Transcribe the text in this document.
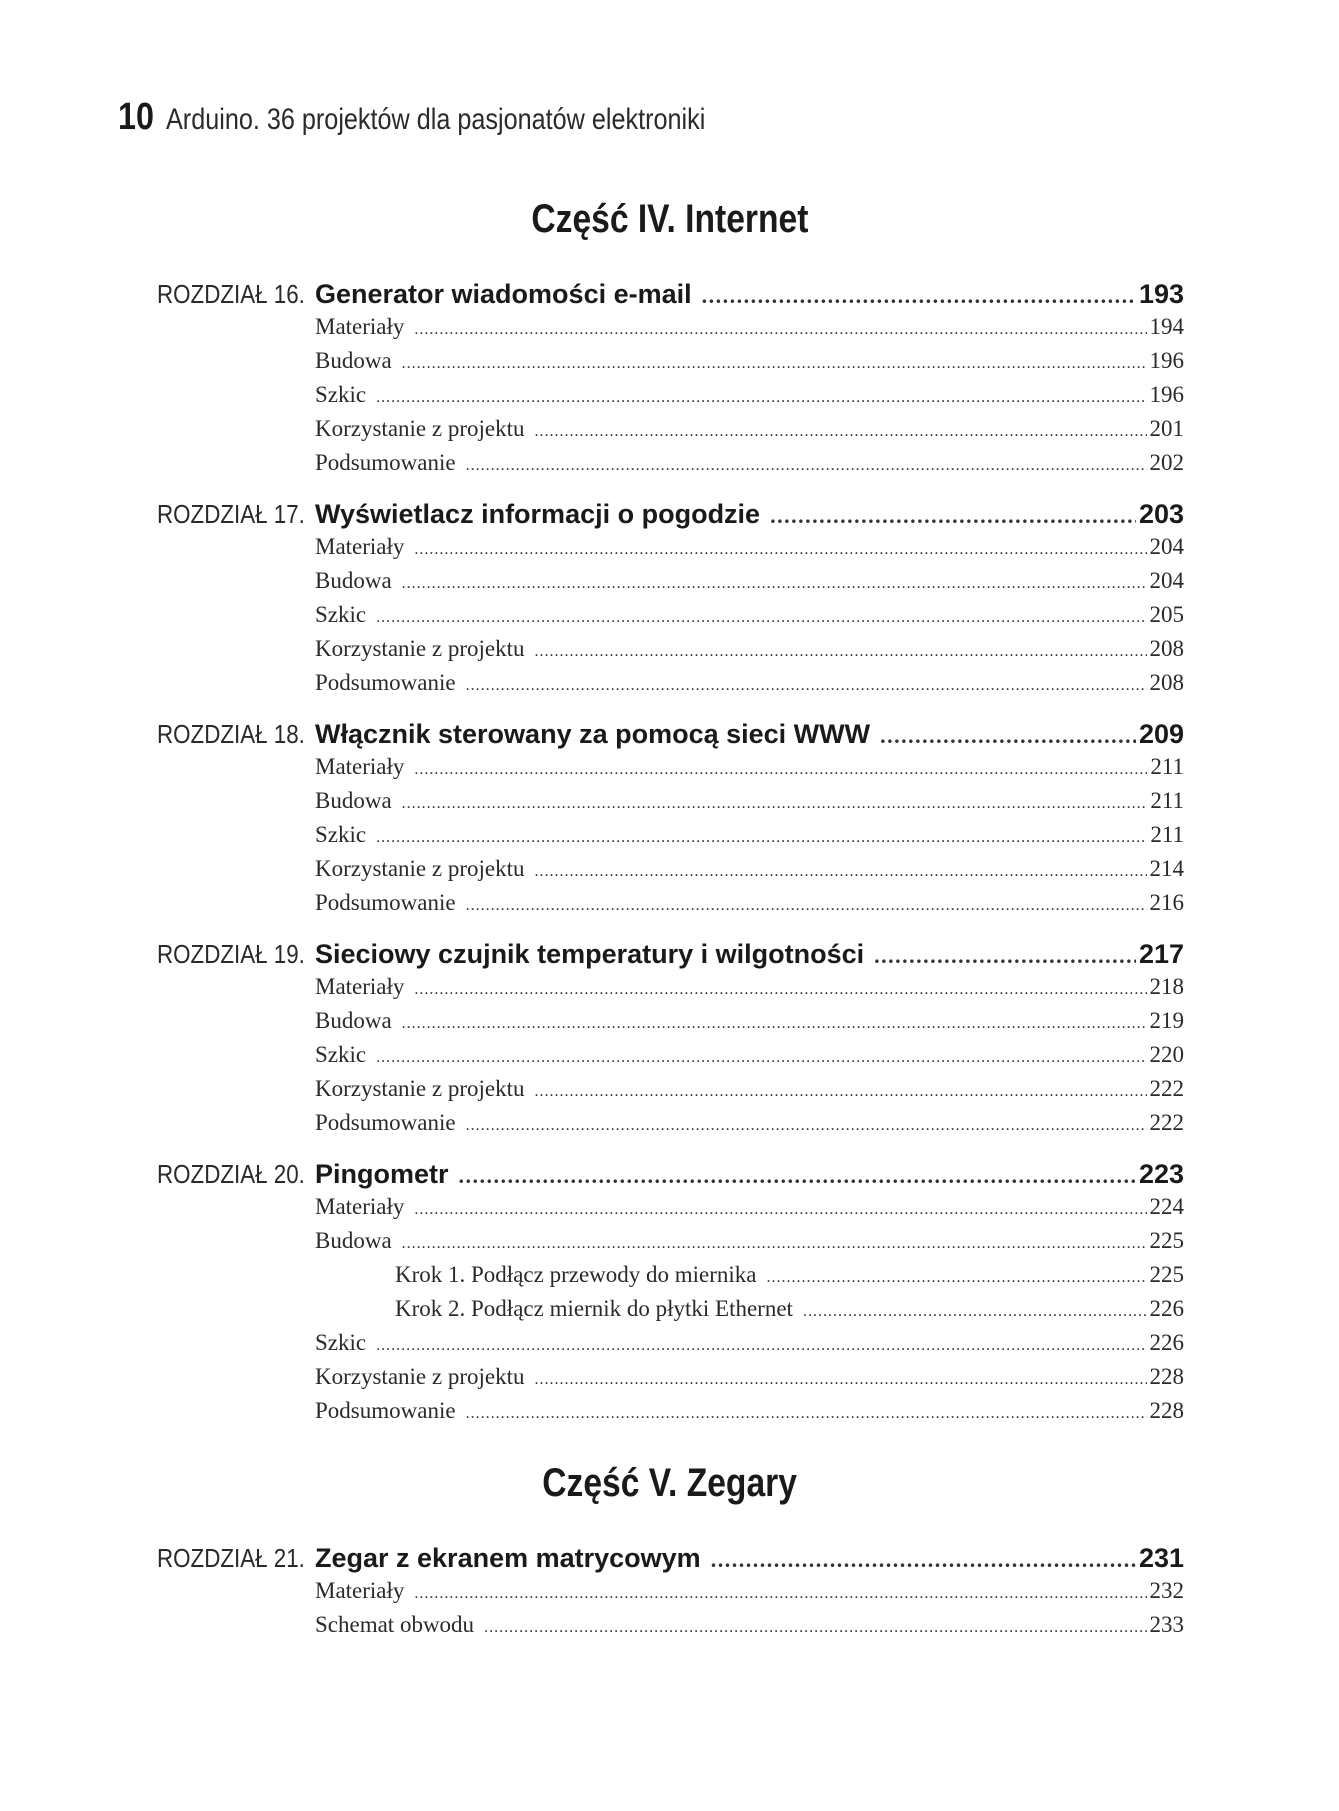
10 Arduino. 36 projektów dla pasjonatów elektroniki
Część IV. Internet
ROZDZIAŁ 16. Generator wiadomości e-mail .....	193
Materiały .....	194
Budowa .....	196
Szkic .....	196
Korzystanie z projektu .....	201
Podsumowanie .....	202
ROZDZIAŁ 17. Wyświetlacz informacji o pogodzie .....	203
Materiały .....	204
Budowa .....	204
Szkic .....	205
Korzystanie z projektu .....	208
Podsumowanie .....	208
ROZDZIAŁ 18. Włącznik sterowany za pomocą sieci WWW .....	209
Materiały .....	211
Budowa .....	211
Szkic .....	211
Korzystanie z projektu .....	214
Podsumowanie .....	216
ROZDZIAŁ 19. Sieciowy czujnik temperatury i wilgotności .....	217
Materiały .....	218
Budowa .....	219
Szkic .....	220
Korzystanie z projektu .....	222
Podsumowanie .....	222
ROZDZIAŁ 20. Pingometr .....	223
Materiały .....	224
Budowa .....	225
Krok 1. Podłącz przewody do miernika .....	225
Krok 2. Podłącz miernik do płytki Ethernet .....	226
Szkic .....	226
Korzystanie z projektu .....	228
Podsumowanie .....	228
Część V. Zegary
ROZDZIAŁ 21. Zegar z ekranem matrycowym .....	231
Materiały .....	232
Schemat obwodu .....	233
